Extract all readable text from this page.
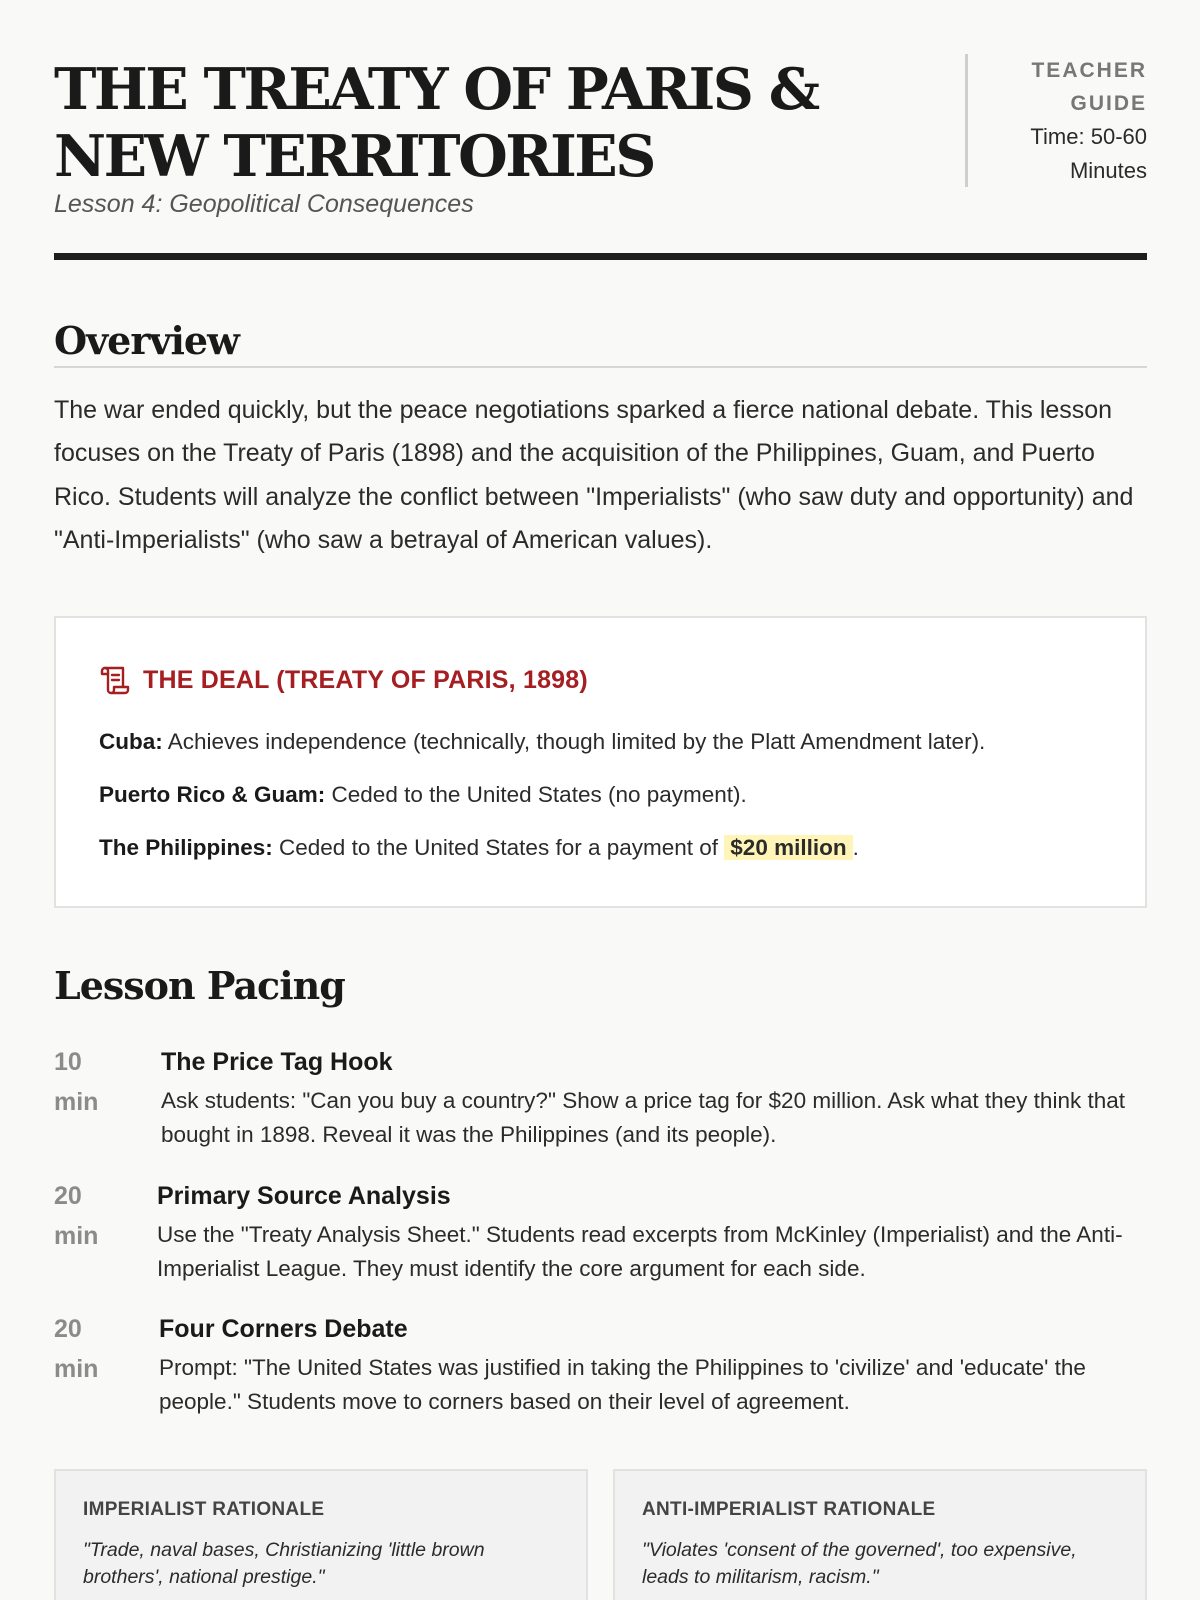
THE TREATY OF PARIS & NEW TERRITORIES
Lesson 4: Geopolitical Consequences
TEACHER GUIDE
Time: 50-60 Minutes
Overview

The war ended quickly, but the peace negotiations sparked a fierce national debate. This lesson focuses on the Treaty of Paris (1898) and the acquisition of the Philippines, Guam, and Puerto Rico. Students will analyze the conflict between "Imperialists" (who saw duty and opportunity) and "Anti-Imperialists" (who saw a betrayal of American values).

THE DEAL (TREATY OF PARIS, 1898)
Cuba: Achieves independence (technically, though limited by the Platt Amendment later).
Puerto Rico & Guam: Ceded to the United States (no payment).
The Philippines: Ceded to the United States for a payment of $20 million .
Lesson Pacing
10
min
The Price Tag Hook
Ask students: "Can you buy a country?" Show a price tag for $20 million. Ask what they think that bought in 1898. Reveal it was the Philippines (and its people).
20
min
Primary Source Analysis
Use the "Treaty Analysis Sheet." Students read excerpts from McKinley (Imperialist) and the Anti-Imperialist League. They must identify the core argument for each side.
20
min
Four Corners Debate
Prompt: "The United States was justified in taking the Philippines to 'civilize' and 'educate' the people." Students move to corners based on their level of agreement.
IMPERIALIST RATIONALE
"Trade, naval bases, Christianizing 'little brown brothers', national prestige."
ANTI-IMPERIALIST RATIONALE
"Violates 'consent of the governed', too expensive, leads to militarism, racism."
